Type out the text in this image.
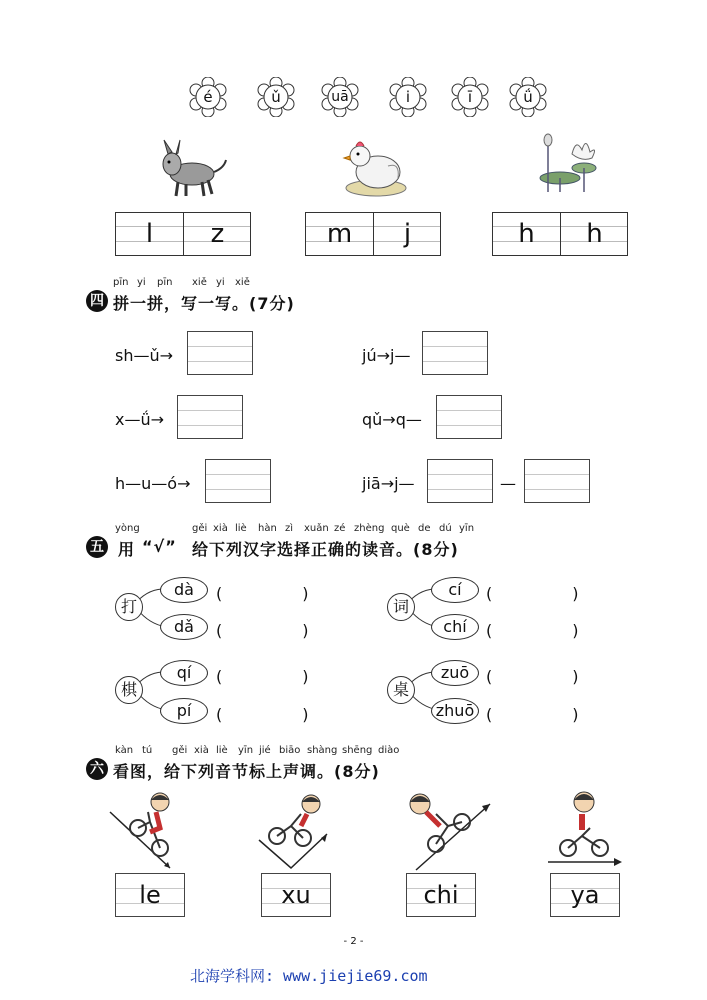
é	ǔ	uā	i	ī	ǘ
l	z	m	j	h	h
pīn yi pīn xiě yi xiě
四 拼一拼，写一写。(7分)
sh—ǔ→	jú→j—
x—ǘ→	qǔ→q—
h—u—ó→	jiā→j—	—
yòng	gěi xià liè hàn zì xuǎn zé zhèng què de dú yīn
五 用 “√” 给下列汉字选择正确的读音。(8分)
打
dà
dǎ
(　　　　　)
(　　　　　)
词
cí
chí
(　　　　　)
(　　　　　)
棋
qí
pí
(　　　　　)
(　　　　　)
桌
zuō
zhuō
(　　　　　)
(　　　　　)
kàn tú gěi xià liè yīn jié biāo shàng shēng diào
六 看图，给下列音节标上声调。(8分)
le	xu	chi	ya
- 2 -
北海学科网: www.jiejie69.com
